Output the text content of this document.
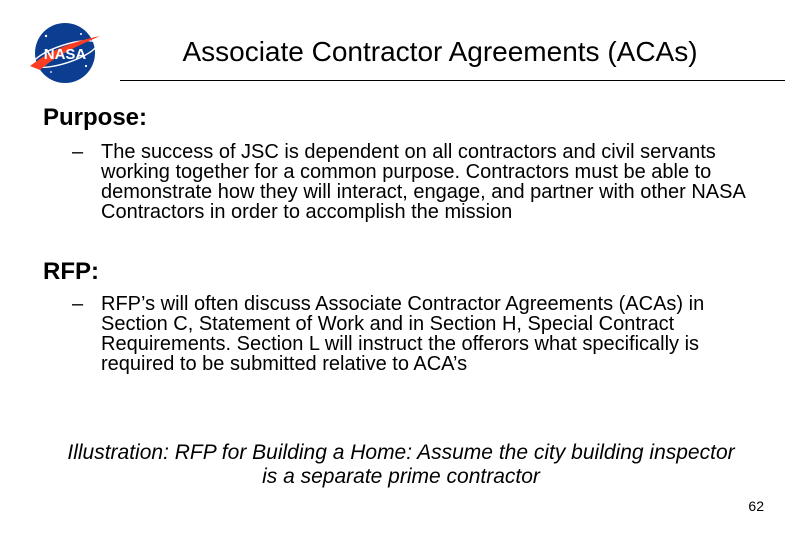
NASA	Associate Contractor Agreements (ACAs)
Purpose:
– The success of JSC is dependent on all contractors and civil servants working together for a common purpose. Contractors must be able to demonstrate how they will interact, engage, and partner with other NASA Contractors in order to accomplish the mission
RFP:
– RFP’s will often discuss Associate Contractor Agreements (ACAs) in Section C, Statement of Work and in Section H, Special Contract Requirements. Section L will instruct the offerors what specifically is required to be submitted relative to ACA’s
Illustration: RFP for Building a Home: Assume the city building inspector is a separate prime contractor
62
